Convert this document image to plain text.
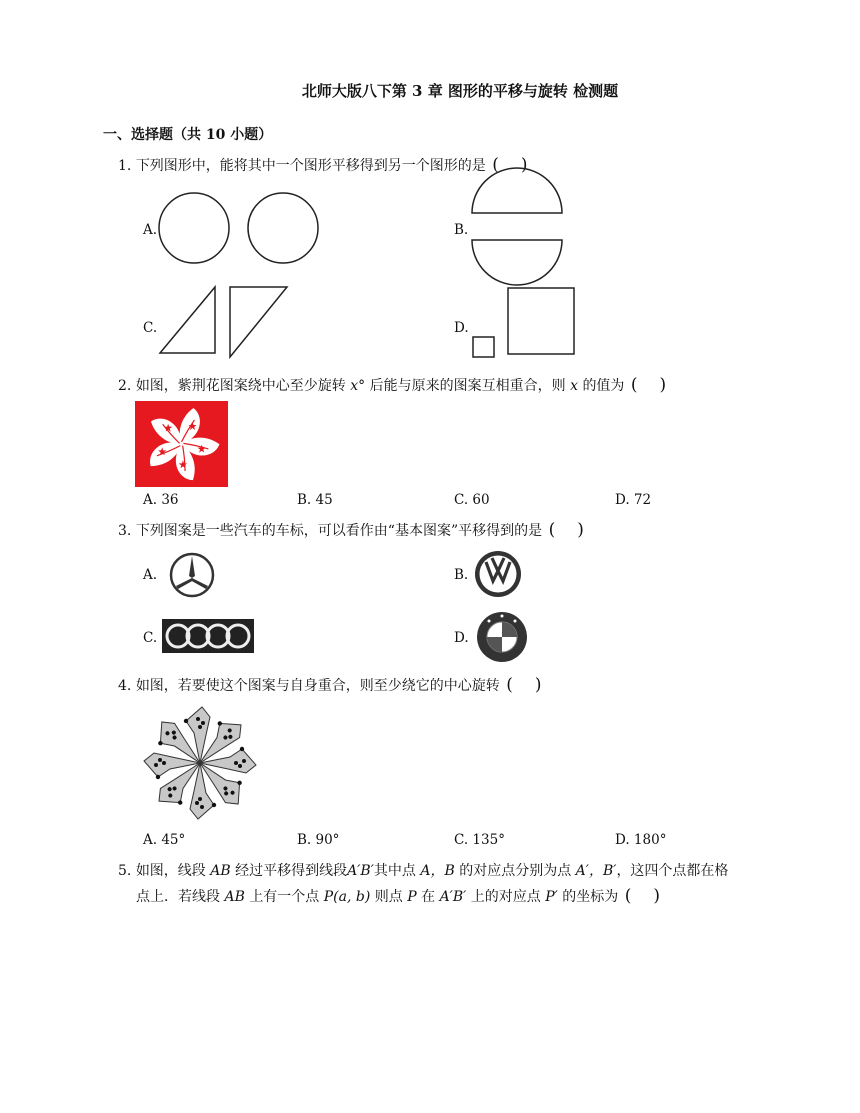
北师大版八下第 3 章 图形的平移与旋转 检测题
一、选择题（共 10 小题）
1. 下列图形中，能将其中一个图形平移得到另一个图形的是 ( )
A.	B.
C.	D.
2. 如图，紫荆花图案绕中心至少旋转 x° 后能与原来的图案互相重合，则 x 的值为 ( )
A. 36	B. 45	C. 60	D. 72
3. 下列图案是一些汽车的车标，可以看作由“基本图案”平移得到的是 ( )
A.	B.
C.	D.
4. 如图，若要使这个图案与自身重合，则至少绕它的中心旋转 ( )
A. 45°	B. 90°	C. 135°	D. 180°
5. 如图，线段 AB 经过平移得到线段A′B′其中点 A，B 的对应点分别为点 A′，B′，这四个点都在格
点上．若线段 AB 上有一个点 P(a, b) 则点 P 在 A′B′ 上的对应点 P′ 的坐标为 ( )
